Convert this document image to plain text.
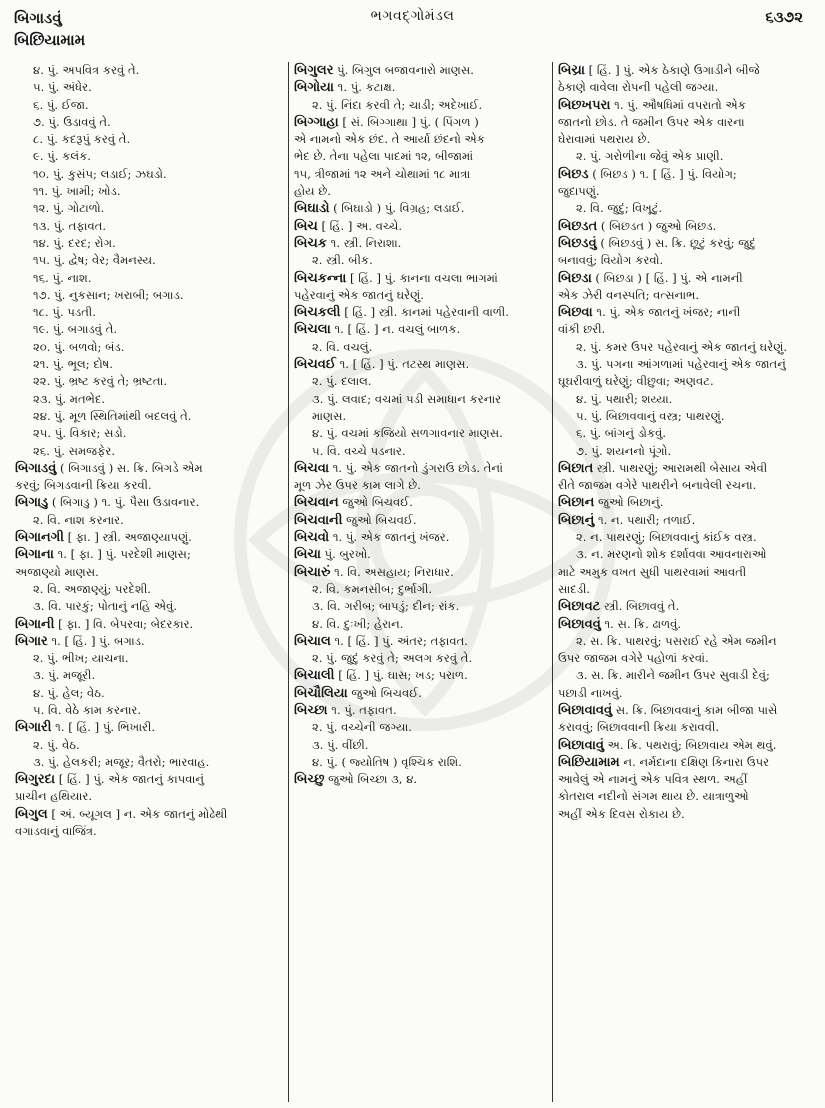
બિગાડવું
બિછિયામામ
ભગવદ્‌ગોમંડલ	૬૩૭૨
૪. પું. અપવિત્ર કરવું તે.
૫. પું. અંધેર.
૬. પું. ઈજા.
૭. પું. ઉડાવવું તે.
૮. પું. કદરૂપું કરવું તે.
૯. પું. કલંક.
૧૦. પું. કુસંપ; લડાઈ; ઝઘડો.
૧૧. પું. ખામી; ખોડ.
૧૨. પું. ગોટાળો.
૧૩. પું. તફાવત.
૧૪. પું. દરદ; રોગ.
૧૫. પું. દ્વેષ; વેર; વૈમનસ્ય.
૧૬. પું. નાશ.
૧૭. પું. નુકસાન; ખરાબી; બગાડ.
૧૮. પું. પડતી.
૧૯. પું. બગાડવું તે.
૨૦. પું. બળવો; બંડ.
૨૧. પું. ભૂલ; દોષ.
૨૨. પું. ભ્રષ્ટ કરવું તે; ભ્રષ્ટતા.
૨૩. પું. મતભેદ.
૨૪. પું. મૂળ સ્થિતિમાંથી બદલવું તે.
૨૫. પું. વિકાર; સડો.
૨૬. પું. સમજફેર.
બિગાડવું ( બિગાડવું ) સ. ક્રિ. બિગડે એમ
કરવું; બિગડવાની ક્રિયા કરવી.
બિગાડુ ( બિગાડુ ) ૧. પું. પૈસા ઉડાવનાર.
૨. વિ. નાશ કરનાર.
બિગાનગી [ ફા. ] સ્ત્રી. અજાણ્યાપણું.
બિગાના ૧. [ ફા. ] પું. પરદેશી માણસ;
અજાણ્યો માણસ.
૨. વિ. અજાણ્યું; પરદેશી.
૩. વિ. પારકું; પોતાનું નહિ એવું.
બિગાની [ ફા. ] વિ. બેપરવા; બેદરકાર.
બિગાર ૧. [ હિં. ] પું. બગાડ.
૨. પું. ભીખ; યાચના.
૩. પું. મજૂરી.
૪. પું. હેલ; વેઠ.
૫. વિ. વેઠે કામ કરનાર.
બિગારી ૧. [ હિં. ] પું. ભિખારી.
૨. પું. વેઠ.
૩. પું. હેલકરી; મજૂર; વૈતરો; ભારવાહ.
બિગુરદા [ હિં. ] પું. એક જાતનું કાપવાનું
પ્રાચીન હથિયાર.
બિગુલ [ અં. બ્યૂગલ ] ન. એક જાતનું મોઢેથી
વગાડવાનું વાજિંત્ર.
બિગુલર પું. બિગુલ બજાવનારો માણસ.
બિગોયા ૧. પું. કટાક્ષ.
૨. પું. નિંદા કરવી તે; ચાડી; અદેખાઈ.
બિગ્ગાહા [ સં. બિગ્ગાથા ] પું. ( પિંગળ )
એ નામનો એક છંદ. તે આર્યા છંદનો એક
ભેદ છે. તેના પહેલા પાદમાં ૧૨, બીજામાં
૧૫, ત્રીજામાં ૧૨ અને ચોથામાં ૧૮ માત્રા
હોય છે.
બિઘાડો ( બિઘાડો ) પું. વિગ્રહ; લડાઈ.
બિચ [ હિં. ] અ. વચ્ચે.
બિચક ૧. સ્ત્રી. નિરાશા.
૨. સ્ત્રી. બીક.
બિચકન્ના [ હિં. ] પું. કાનના વચલા ભાગમાં
પહેરવાનું એક જાતનું ઘરેણું.
બિચકલી [ હિં. ] સ્ત્રી. કાનમાં પહેરવાની વાળી.
બિચલા ૧. [ હિં. ] ન. વચલું બાળક.
૨. વિ. વચલું.
બિચવઈ ૧. [ હિં. ] પું. તટસ્થ માણસ.
૨. પું. દલાલ.
૩. પું. લવાદ; વચમાં પડી સમાધાન કરનાર
માણસ.
૪. પું. વચમાં કજિયો સળગાવનાર માણસ.
૫. વિ. વચ્ચે પડનાર.
બિચવા ૧. પું. એક જાતનો ડુંગરાઉ છોડ. તેનાં
મૂળ ઝેર ઉપર કામ લાગે છે.
બિચવાન જુઓ બિચવઈ.
બિચવાની જુઓ બિચવઈ.
બિચવો ૧. પું. એક જાતનું ખંજર.
બિચા પું. બુરખો.
બિચારું ૧. વિ. અસહાય; નિરાધાર.
૨. વિ. કમનસીબ; દુર્ભાગી.
૩. વિ. ગરીબ; બાપડું; દીન; રાંક.
૪. વિ. દુઃખી; હેરાન.
બિચાલ ૧. [ હિં. ] પું. અંતર; તફાવત.
૨. પું. જુદું કરવું તે; અલગ કરવું તે.
બિચાલી [ હિં. ] પું. ઘાસ; ખડ; પરાળ.
બિચૌલિયા જુઓ બિચવઈ.
બિચ્છા ૧. પું. તફાવત.
૨. પું. વચ્ચેની જગ્યા.
૩. પું. વીંછી.
૪. પું. ( જ્યોતિષ ) વૃશ્ચિક રાશિ.
બિચ્છુ જુઓ બિચ્છા ૩, ૪.
બિચ્રા [ હિં. ] પું. એક ઠેકાણે ઉગાડીને બીજે
ઠેકાણે વાવેલા રોપની પહેલી જગ્યા.
બિછખપરા ૧. પું. ઔષધિમાં વપરાતો એક
જાતનો છોડ. તે જમીન ઉપર એક વારના
ઘેરાવામાં પથરાય છે.
૨. પું. ગરોળીના જેવું એક પ્રાણી.
બિછડ ( બિછડ ) ૧. [ હિં. ] પું. વિયોગ;
જુદાપણું.
૨. વિ. જુદું; વિખૂટું.
બિછડત ( બિછડત ) જુઓ બિછડ.
બિછડવું ( બિછડવું ) સ. ક્રિ. છૂટું કરવું; જુદું
બનાવવું; વિયોગ કરવો.
બિછડા ( બિછડા ) [ હિં. ] પું. એ નામની
એક ઝેરી વનસ્પતિ; વત્સનાભ.
બિછવા ૧. પું. એક જાતનું ખંજર; નાની
વાંકી છરી.
૨. પું. કમર ઉપર પહેરવાનું એક જાતનું ઘરેણું.
૩. પું. પગના આંગળામાં પહેરવાનું એક જાતનું
ઘૂઘરીવાળું ઘરેણું; વીછુવા; અણવટ.
૪. પું. પથારી; શય્યા.
૫. પું. બિછાવવાનું વસ્ત્ર; પાથરણું.
૬. પું. બાંગનું ડોકવું.
૭. પું. શયનનો પૂંગો.
બિછાત સ્ત્રી. પાથરણું; આરામથી બેસાય એવી
રીતે જાજમ વગેરે પાથરીને બનાવેલી રચના.
બિછાન જુઓ બિછાનું.
બિછાનું ૧. ન. પથારી; તળાઈ.
૨. ન. પાથરણું; બિછાવવાનું કાંઈક વસ્ત્ર.
૩. ન. મરણનો શોક દર્શાવવા આવનારાઓ
માટે અમુક વખત સુધી પાથરવામાં આવતી
સાદડી.
બિછાવટ સ્ત્રી. બિછાવવું તે.
બિછાવવું ૧. સ. ક્રિ. ઢાળવું.
૨. સ. ક્રિ. પાથરવું; પસરાઈ રહે એમ જમીન
ઉપર જાજમ વગેરે પહોળાં કરવાં.
૩. સ. ક્રિ. મારીને જમીન ઉપર સુવાડી દેવું;
પછાડી નાખવું.
બિછાવાવવું સ. ક્રિ. બિછાવવાનું કામ બીજા પાસે
કરાવવું; બિછાવવાની ક્રિયા કરાવવી.
બિછાવાવું અ. ક્રિ. પથરાવું; બિછાવાય એમ થવું.
બિછિયામામ ન. નર્મદાના દક્ષિણ કિનારા ઉપર
આવેલું એ નામનું એક પવિત્ર સ્થળ. અહીં
કોતરાલ નદીનો સંગમ થાય છે. યાત્રાળુઓ
અહીં એક દિવસ રોકાય છે.
